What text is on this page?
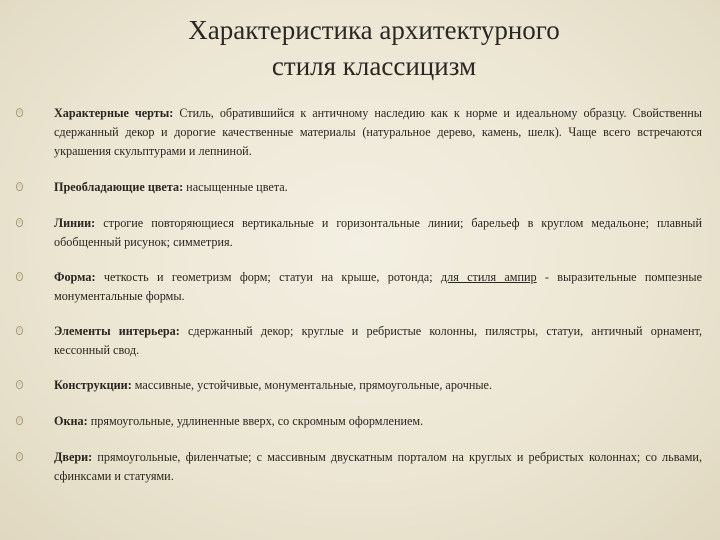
Характеристика архитектурного
стиля классицизм
Характерные черты: Стиль, обратившийся к античному наследию как к норме и идеальному образцу. Свойственны сдержанный декор и дорогие качественные материалы (натуральное дерево, камень, шелк). Чаще всего встречаются украшения скульптурами и лепниной.
Преобладающие цвета: насыщенные цвета.
Линии: строгие повторяющиеся вертикальные и горизонтальные линии; барельеф в круглом медальоне; плавный обобщенный рисунок; симметрия.
Форма: четкость и геометризм форм; статуи на крыше, ротонда; для стиля ампир - выразительные помпезные монументальные формы.
Элементы интерьера: сдержанный декор; круглые и ребристые колонны, пилястры, статуи, античный орнамент, кессонный свод.
Конструкции: массивные, устойчивые, монументальные, прямоугольные, арочные.
Окна: прямоугольные, удлиненные вверх, со скромным оформлением.
Двери: прямоугольные, филенчатые; с массивным двускатным порталом на круглых и ребристых колоннах; со львами, сфинксами и статуями.
